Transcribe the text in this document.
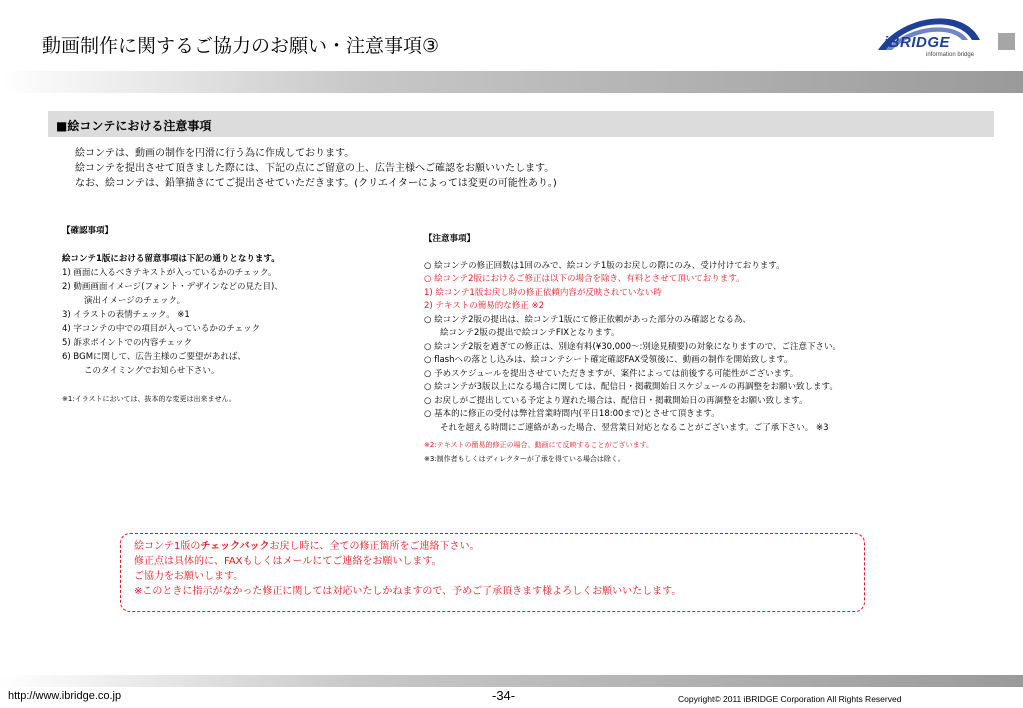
動画制作に関するご協力のお願い・注意事項③	iBRIDGE
information bridge
■絵コンテにおける注意事項
絵コンテは、動画の制作を円滑に行う為に作成しております。
絵コンテを提出させて頂きました際には、下記の点にご留意の上、広告主様へご確認をお願いいたします。
なお、絵コンテは、鉛筆描きにてご提出させていただきます。(クリエイターによっては変更の可能性あり。)
【確認事項】
絵コンテ1版における留意事項は下記の通りとなります。
1) 画面に入るべきテキストが入っているかのチェック。
2) 動画画面イメージ(フォント・デザインなどの見た目)、
演出イメージのチェック。
3) イラストの表情チェック。 ※1
4) 字コンテの中での項目が入っているかのチェック
5) 訴求ポイントでの内容チェック
6) BGMに関して、広告主様のご要望があれば、
このタイミングでお知らせ下さい。
※1:イラストにおいては、抜本的な変更は出来ません。
【注意事項】
○ 絵コンテの修正回数は1回のみで、絵コンテ1版のお戻しの際にのみ、受け付けております。
○ 絵コンテ2版におけるご修正は以下の場合を除き、有料とさせて頂いております。
1) 絵コンテ1版お戻し時の修正依頼内容が反映されていない時
2) テキストの簡易的な修正 ※2
○ 絵コンテ2版の提出は、絵コンテ1版にて修正依頼があった部分のみ確認となる為、
絵コンテ2版の提出で絵コンテFIXとなります。
○ 絵コンテ2版を過ぎての修正は、別途有料(¥30,000〜:別途見積要)の対象になりますので、ご注意下さい。
○ flashへの落とし込みは、絵コンテシート確定確認FAX受領後に、動画の制作を開始致します。
○ 予めスケジュールを提出させていただきますが、案件によっては前後する可能性がございます。
○ 絵コンテが3版以上になる場合に関しては、配信日・掲載開始日スケジュールの再調整をお願い致します。
○ お戻しがご提出している予定より遅れた場合は、配信日・掲載開始日の再調整をお願い致します。
○ 基本的に修正の受付は弊社営業時間内(平日18:00まで)とさせて頂きます。
それを超える時間にご連絡があった場合、翌営業日対応となることがございます。ご了承下さい。 ※3
※2:テキストの簡易的修正の場合、動画にて反映することがございます。
※3:制作者もしくはディレクターが了承を得ている場合は除く。
絵コンテ1版のチェックバックお戻し時に、全ての修正箇所をご連絡下さい。
修正点は具体的に、FAXもしくはメールにてご連絡をお願いします。
ご協力をお願いします。
※このときに指示がなかった修正に関しては対応いたしかねますので、予めご了承頂きます様よろしくお願いいたします。
http://www.ibridge.co.jp	-34-	Copyright© 2011 iBRIDGE Corporation All Rights Reserved
